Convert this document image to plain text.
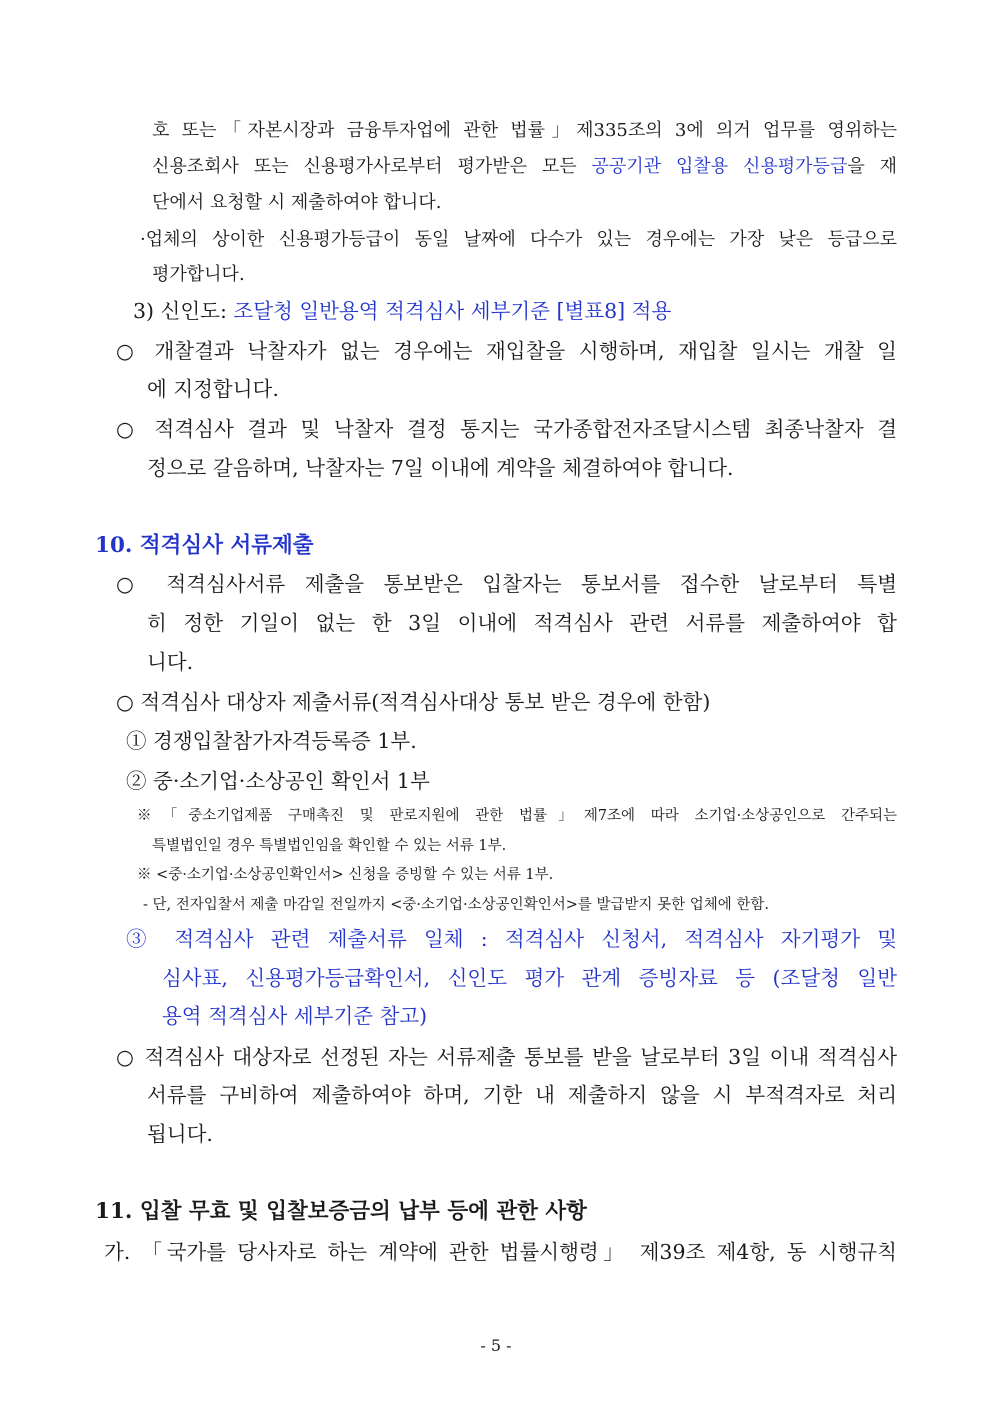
호 또는「자본시장과 금융투자업에 관한 법률」제335조의 3에 의거 업무를 영위하는
신용조회사 또는 신용평가사로부터 평가받은 모든 공공기관 입찰용 신용평가등급을 재
단에서 요청할 시 제출하여야 합니다.
·업체의 상이한 신용평가등급이 동일 날짜에 다수가 있는 경우에는 가장 낮은 등급으로
평가합니다.
3) 신인도: 조달청 일반용역 적격심사 세부기준 [별표8] 적용
○ 개찰결과 낙찰자가 없는 경우에는 재입찰을 시행하며, 재입찰 일시는 개찰 일
에 지정합니다.
○ 적격심사 결과 및 낙찰자 결정 통지는 국가종합전자조달시스템 최종낙찰자 결
정으로 갈음하며, 낙찰자는 7일 이내에 계약을 체결하여야 합니다.
10. 적격심사 서류제출
○ 적격심사서류 제출을 통보받은 입찰자는 통보서를 접수한 날로부터 특별
히 정한 기일이 없는 한 3일 이내에 적격심사 관련 서류를 제출하여야 합
니다.
○ 적격심사 대상자 제출서류(적격심사대상 통보 받은 경우에 한함)
① 경쟁입찰참가자격등록증 1부.
② 중·소기업·소상공인 확인서 1부
※「중소기업제품 구매촉진 및 판로지원에 관한 법률」제7조에 따라 소기업·소상공인으로 간주되는
특별법인일 경우 특별법인임을 확인할 수 있는 서류 1부.
※ <중·소기업·소상공인확인서> 신청을 증빙할 수 있는 서류 1부.
- 단, 전자입찰서 제출 마감일 전일까지 <중·소기업·소상공인확인서>를 발급받지 못한 업체에 한함.
③ 적격심사 관련 제출서류 일체 : 적격심사 신청서, 적격심사 자기평가 및
심사표, 신용평가등급확인서, 신인도 평가 관계 증빙자료 등 (조달청 일반
용역 적격심사 세부기준 참고)
○ 적격심사 대상자로 선정된 자는 서류제출 통보를 받을 날로부터 3일 이내 적격심사
서류를 구비하여 제출하여야 하며, 기한 내 제출하지 않을 시 부적격자로 처리
됩니다.
11. 입찰 무효 및 입찰보증금의 납부 등에 관한 사항
가. 「국가를 당사자로 하는 계약에 관한 법률시행령」 제39조 제4항, 동 시행규칙
- 5 -
